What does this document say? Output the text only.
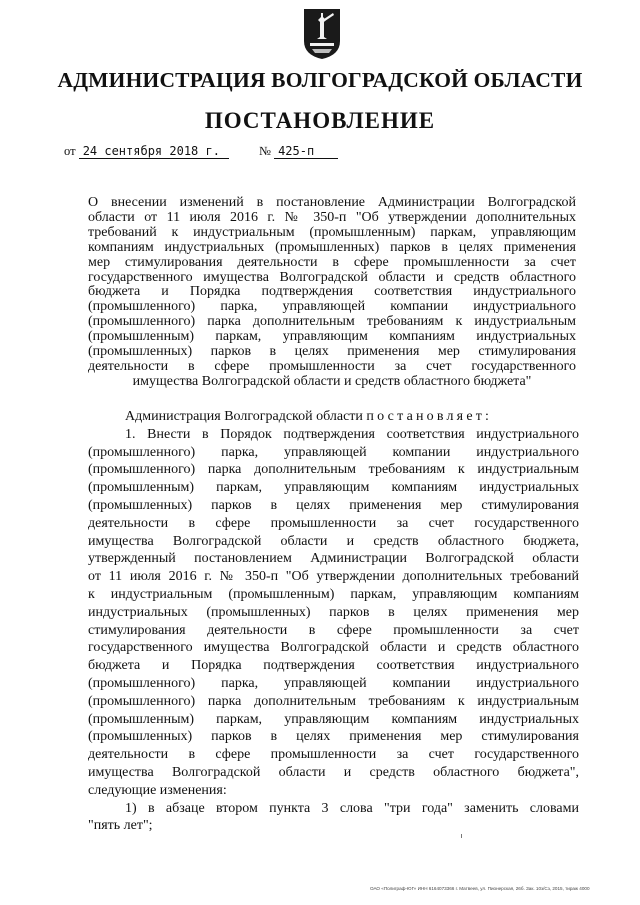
АДМИНИСТРАЦИЯ ВОЛГОГРАДСКОЙ ОБЛАСТИ
ПОСТАНОВЛЕНИЕ
от 24 сентября 2018 г.	№ 425-п
О внесении изменений в постановление Администрации Волгоградской
области от 11 июля 2016 г. № 350-п "Об утверждении дополнительных
требований к индустриальным (промышленным) паркам, управляющим
компаниям индустриальных (промышленных) парков в целях применения
мер стимулирования деятельности в сфере промышленности за счет
государственного имущества Волгоградской области и средств областного
бюджета и Порядка подтверждения соответствия индустриального
(промышленного) парка, управляющей компании индустриального
(промышленного) парка дополнительным требованиям к индустриальным
(промышленным) паркам, управляющим компаниям индустриальных
(промышленных) парков в целях применения мер стимулирования
деятельности в сфере промышленности за счет государственного
имущества Волгоградской области и средств областного бюджета"
Администрация Волгоградской области постановляет:
1. Внести в Порядок подтверждения соответствия индустриального
(промышленного) парка, управляющей компании индустриального
(промышленного) парка дополнительным требованиям к индустриальным
(промышленным) паркам, управляющим компаниям индустриальных
(промышленных) парков в целях применения мер стимулирования
деятельности в сфере промышленности за счет государственного
имущества Волгоградской области и средств областного бюджета,
утвержденный постановлением Администрации Волгоградской области
от 11 июля 2016 г. № 350-п "Об утверждении дополнительных требований
к индустриальным (промышленным) паркам, управляющим компаниям
индустриальных (промышленных) парков в целях применения мер
стимулирования деятельности в сфере промышленности за счет
государственного имущества Волгоградской области и средств областного
бюджета и Порядка подтверждения соответствия индустриального
(промышленного) парка, управляющей компании индустриального
(промышленного) парка дополнительным требованиям к индустриальным
(промышленным) паркам, управляющим компаниям индустриальных
(промышленных) парков в целях применения мер стимулирования
деятельности в сфере промышленности за счет государственного
имущества Волгоградской области и средств областного бюджета",
следующие изменения:
1) в абзаце втором пункта 3 слова "три года" заменить словами
"пять лет";
ОАО «Полиграф-ЮГ» ИНН 6164073366 г. Матвеев, ул. Пионерская, 26б. Зак. 10з/Сз, 2015, тираж 4000
